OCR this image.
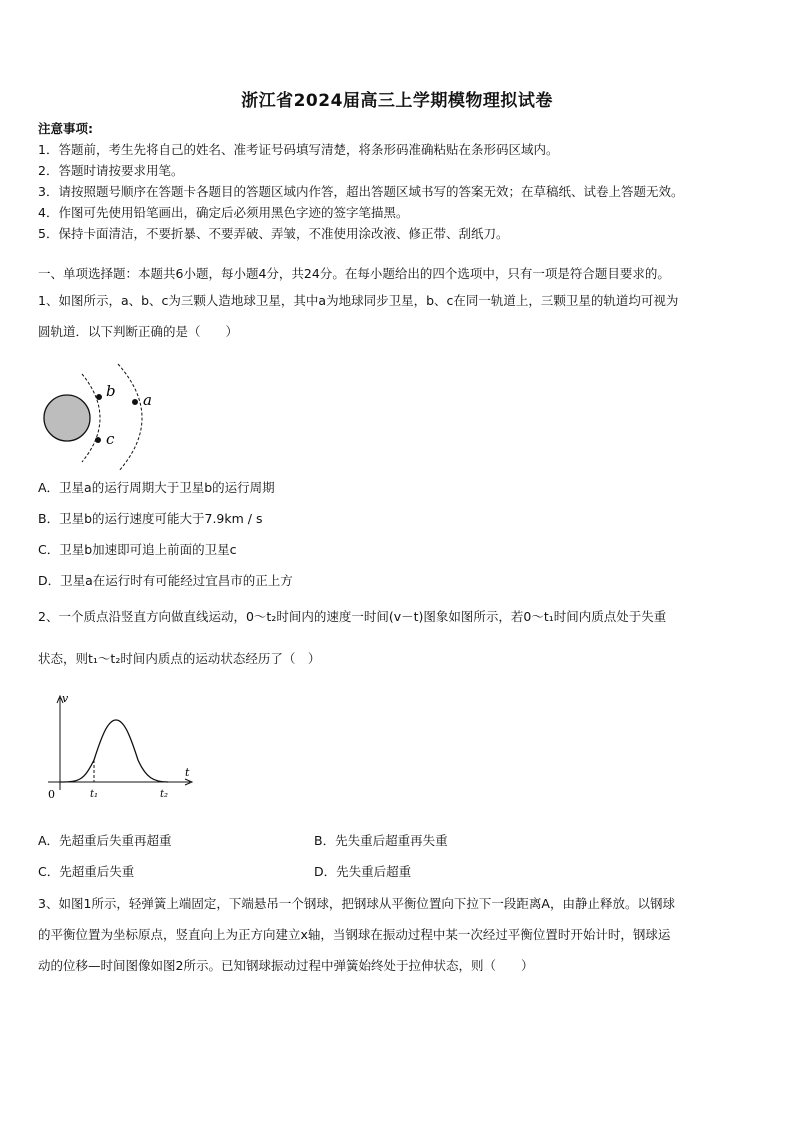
浙江省2024届高三上学期模物理拟试卷
注意事项:
1．答题前，考生先将自己的姓名、准考证号码填写清楚，将条形码准确粘贴在条形码区域内。
2．答题时请按要求用笔。
3．请按照题号顺序在答题卡各题目的答题区域内作答，超出答题区域书写的答案无效；在草稿纸、试卷上答题无效。
4．作图可先使用铅笔画出，确定后必须用黑色字迹的签字笔描黑。
5．保持卡面清洁，不要折暴、不要弄破、弄皱，不准使用涂改液、修正带、刮纸刀。
一、单项选择题：本题共6小题，每小题4分，共24分。在每小题给出的四个选项中，只有一项是符合题目要求的。
1、如图所示，a、b、c为三颗人造地球卫星，其中a为地球同步卫星，b、c在同一轨道上，三颗卫星的轨道均可视为
圆轨道．以下判断正确的是（　　）
b
c
a
A．卫星a的运行周期大于卫星b的运行周期
B．卫星b的运行速度可能大于7.9km / s
C．卫星b加速即可追上前面的卫星c
D．卫星a在运行时有可能经过宜昌市的正上方
2、一个质点沿竖直方向做直线运动，0～t₂时间内的速度一时间(v－t)图象如图所示，若0～t₁时间内质点处于失重
状态，则t₁～t₂时间内质点的运动状态经历了（　）
v
t
0	t₁	t₂
A．先超重后失重再超重	B．先失重后超重再失重
C．先超重后失重	D．先失重后超重
3、如图1所示，轻弹簧上端固定，下端悬吊一个钢球，把钢球从平衡位置向下拉下一段距离A，由静止释放。以钢球
的平衡位置为坐标原点，竖直向上为正方向建立x轴，当钢球在振动过程中某一次经过平衡位置时开始计时，钢球运
动的位移—时间图像如图2所示。已知钢球振动过程中弹簧始终处于拉伸状态，则（　　）
